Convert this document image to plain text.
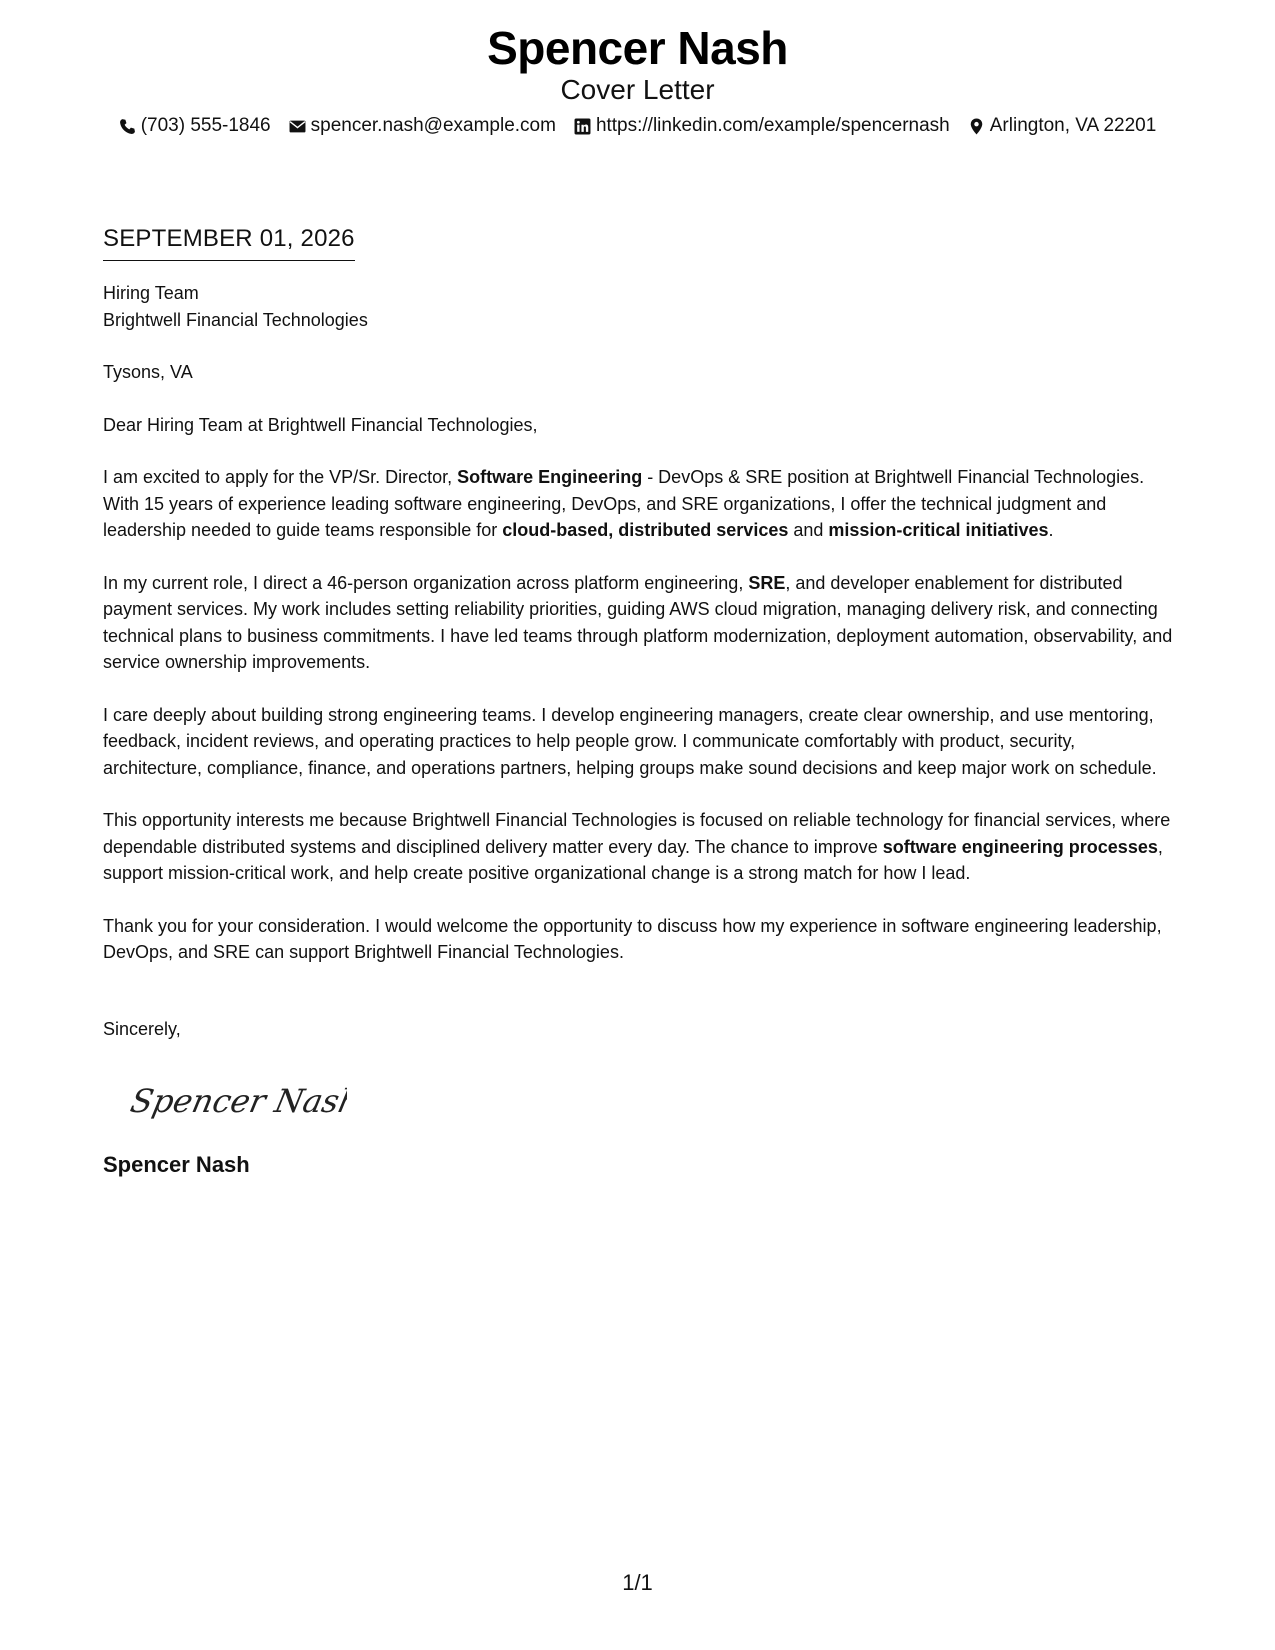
Spencer Nash
Cover Letter
(703) 555-1846 spencer.nash@example.com https://linkedin.com/example/spencernash Arlington, VA 22201
SEPTEMBER 01, 2026

Hiring Team

Brightwell Financial Technologies

Tysons, VA

Dear Hiring Team at Brightwell Financial Technologies,

I am excited to apply for the VP/Sr. Director, Software Engineering - DevOps & SRE position at Brightwell Financial Technologies. With 15 years of experience leading software engineering, DevOps, and SRE organizations, I offer the technical judgment and leadership needed to guide teams responsible for cloud-based, distributed services and mission-critical initiatives.

In my current role, I direct a 46-person organization across platform engineering, SRE, and developer enablement for distributed payment services. My work includes setting reliability priorities, guiding AWS cloud migration, managing delivery risk, and connecting technical plans to business commitments. I have led teams through platform modernization, deployment automation, observability, and service ownership improvements.

I care deeply about building strong engineering teams. I develop engineering managers, create clear ownership, and use mentoring, feedback, incident reviews, and operating practices to help people grow. I communicate comfortably with product, security, architecture, compliance, finance, and operations partners, helping groups make sound decisions and keep major work on schedule.

This opportunity interests me because Brightwell Financial Technologies is focused on reliable technology for financial services, where dependable distributed systems and disciplined delivery matter every day. The chance to improve software engineering processes, support mission-critical work, and help create positive organizational change is a strong match for how I lead.

Thank you for your consideration. I would welcome the opportunity to discuss how my experience in software engineering leadership, DevOps, and SRE can support Brightwell Financial Technologies.

Sincerely,

Spencer Nash
Spencer Nash
1/1
